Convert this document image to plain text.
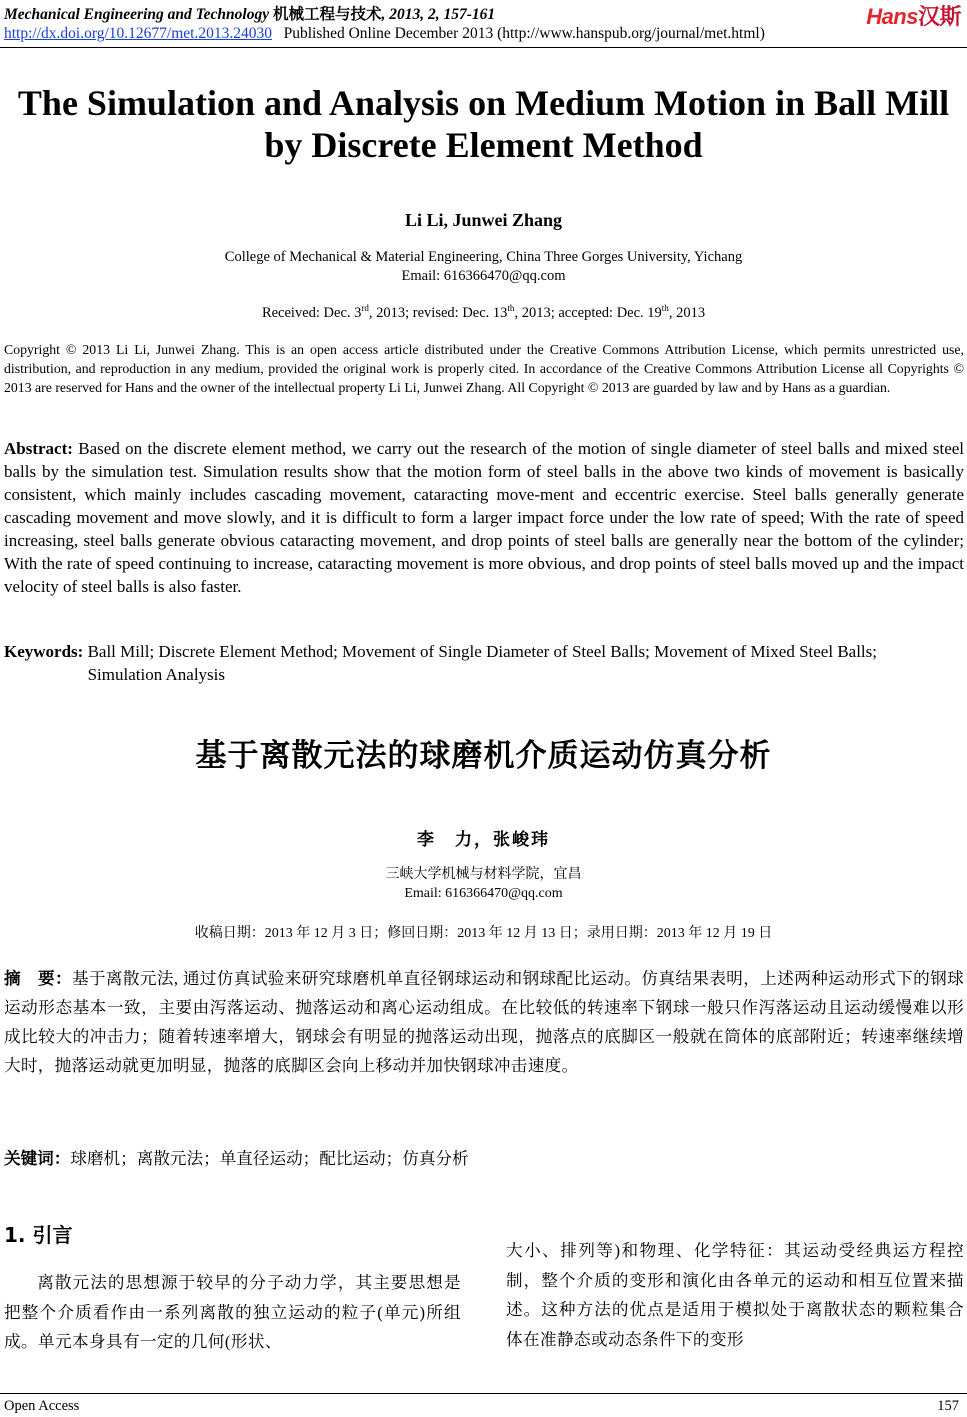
Mechanical Engineering and Technology 机械工程与技术, 2013, 2, 157-161	Hans汉斯
http://dx.doi.org/10.12677/met.2013.24030 Published Online December 2013 (http://www.hanspub.org/journal/met.html)
The Simulation and Analysis on Medium Motion in Ball Mill
by Discrete Element Method
Li Li, Junwei Zhang
College of Mechanical & Material Engineering, China Three Gorges University, Yichang
Email: 616366470@qq.com
Received: Dec. 3rd, 2013; revised: Dec. 13th, 2013; accepted: Dec. 19th, 2013
Copyright © 2013 Li Li, Junwei Zhang. This is an open access article distributed under the Creative Commons Attribution License, which permits unrestricted use, distribution, and reproduction in any medium, provided the original work is properly cited. In accordance of the Creative Commons Attribution License all Copyrights © 2013 are reserved for Hans and the owner of the intellectual property Li Li, Junwei Zhang. All Copyright © 2013 are guarded by law and by Hans as a guardian.
Abstract: Based on the discrete element method, we carry out the research of the motion of single diameter of steel balls and mixed steel balls by the simulation test. Simulation results show that the motion form of steel balls in the above two kinds of movement is basically consistent, which mainly includes cascading movement, cataracting move-ment and eccentric exercise. Steel balls generally generate cascading movement and move slowly, and it is difficult to form a larger impact force under the low rate of speed; With the rate of speed increasing, steel balls generate obvious cataracting movement, and drop points of steel balls are generally near the bottom of the cylinder; With the rate of speed continuing to increase, cataracting movement is more obvious, and drop points of steel balls moved up and the impact velocity of steel balls is also faster.
Keywords: Ball Mill; Discrete Element Method; Movement of Single Diameter of Steel Balls; Movement of Mixed Steel Balls; Simulation Analysis
基于离散元法的球磨机介质运动仿真分析
李　力，张峻玮
三峡大学机械与材料学院，宜昌
Email: 616366470@qq.com
收稿日期：2013 年 12 月 3 日；修回日期：2013 年 12 月 13 日；录用日期：2013 年 12 月 19 日
摘　要：基于离散元法, 通过仿真试验来研究球磨机单直径钢球运动和钢球配比运动。仿真结果表明，上述两种运动形式下的钢球运动形态基本一致，主要由泻落运动、抛落运动和离心运动组成。在比较低的转速率下钢球一般只作泻落运动且运动缓慢难以形成比较大的冲击力；随着转速率增大，钢球会有明显的抛落运动出现，抛落点的底脚区一般就在筒体的底部附近；转速率继续增大时，抛落运动就更加明显，抛落的底脚区会向上移动并加快钢球冲击速度。
关键词：球磨机；离散元法；单直径运动；配比运动；仿真分析
1. 引言
离散元法的思想源于较早的分子动力学，其主要思想是把整个介质看作由一系列离散的独立运动的粒子(单元)所组成。单元本身具有一定的几何(形状、
大小、排列等)和物理、化学特征：其运动受经典运方程控制，整个介质的变形和演化由各单元的运动和相互位置来描述。这种方法的优点是适用于模拟处于离散状态的颗粒集合体在准静态或动态条件下的变形
Open Access	157
